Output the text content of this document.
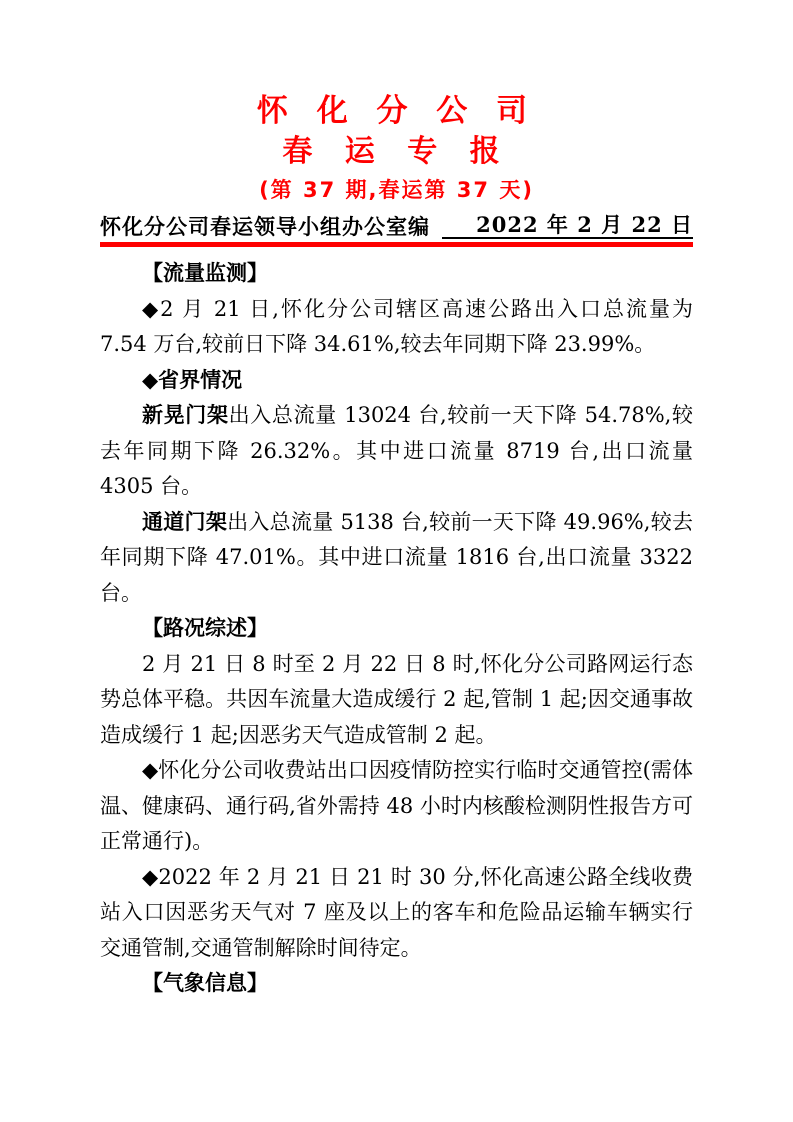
怀 化 分 公 司
春 运 专 报
(第 37 期,春运第 37 天)
怀化分公司春运领导小组办公室编	2022 年 2 月 22 日

【流量监测】

◆2 月 21 日,怀化分公司辖区高速公路出入口总流量为 7.54 万台,较前日下降 34.61%,较去年同期下降 23.99%。

◆省界情况

新晃门架出入总流量 13024 台,较前一天下降 54.78%,较去年同期下降 26.32%。其中进口流量 8719 台,出口流量 4305 台。

通道门架出入总流量 5138 台,较前一天下降 49.96%,较去年同期下降 47.01%。其中进口流量 1816 台,出口流量 3322 台。

【路况综述】

2 月 21 日 8 时至 2 月 22 日 8 时,怀化分公司路网运行态势总体平稳。共因车流量大造成缓行 2 起,管制 1 起;因交通事故造成缓行 1 起;因恶劣天气造成管制 2 起。

◆怀化分公司收费站出口因疫情防控实行临时交通管控(需体温、健康码、通行码,省外需持 48 小时内核酸检测阴性报告方可正常通行)。

◆2022 年 2 月 21 日 21 时 30 分,怀化高速公路全线收费站入口因恶劣天气对 7 座及以上的客车和危险品运输车辆实行交通管制,交通管制解除时间待定。

【气象信息】
